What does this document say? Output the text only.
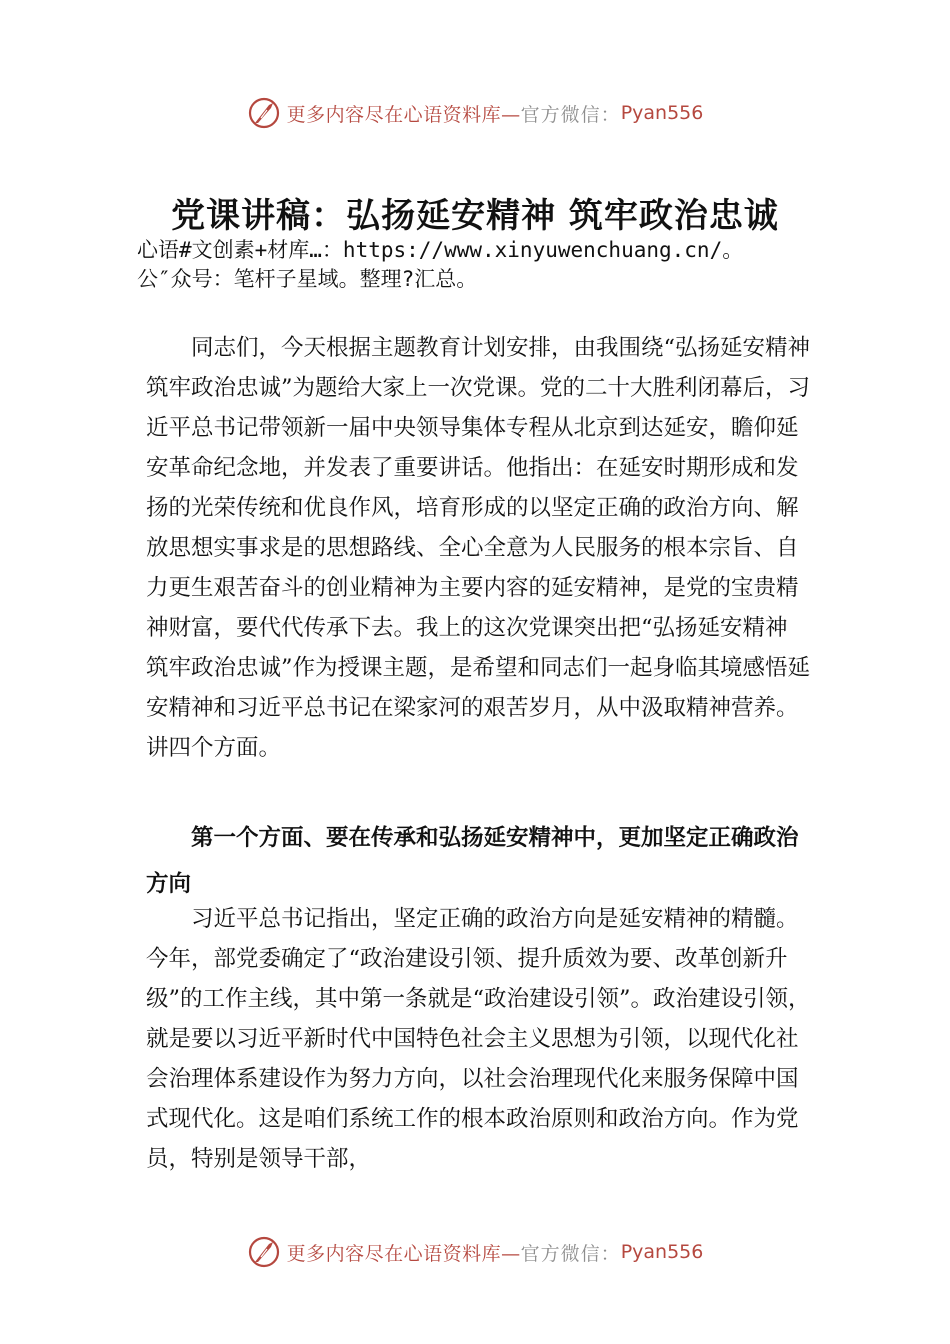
更多内容尽在心语资料库— 官方微信： Pyan556
党课讲稿：弘扬延安精神 筑牢政治忠诚
心语#文创素+材库…：https://www.xinyuwenchuang.cn/。
公″众号：笔杆子星域。整理?汇总。
同志们，今天根据主题教育计划安排，由我围绕“弘扬延安精神 筑牢政治忠诚”为题给大家上一次党课。党的二十大胜利闭幕后，习近平总书记带领新一届中央领导集体专程从北京到达延安，瞻仰延安革命纪念地，并发表了重要讲话。他指出：在延安时期形成和发扬的光荣传统和优良作风，培育形成的以坚定正确的政治方向、解放思想实事求是的思想路线、全心全意为人民服务的根本宗旨、自力更生艰苦奋斗的创业精神为主要内容的延安精神，是党的宝贵精神财富，要代代传承下去。我上的这次党课突出把“弘扬延安精神 筑牢政治忠诚”作为授课主题，是希望和同志们一起身临其境感悟延安精神和习近平总书记在梁家河的艰苦岁月，从中汲取精神营养。讲四个方面。
第一个方面、要在传承和弘扬延安精神中，更加坚定正确政治方向
习近平总书记指出，坚定正确的政治方向是延安精神的精髓。今年，部党委确定了“政治建设引领、提升质效为要、改革创新升级”的工作主线，其中第一条就是“政治建设引领”。政治建设引领，就是要以习近平新时代中国特色社会主义思想为引领，以现代化社会治理体系建设作为努力方向，以社会治理现代化来服务保障中国式现代化。这是咱们系统工作的根本政治原则和政治方向。作为党员，特别是领导干部，
更多内容尽在心语资料库— 官方微信： Pyan556
